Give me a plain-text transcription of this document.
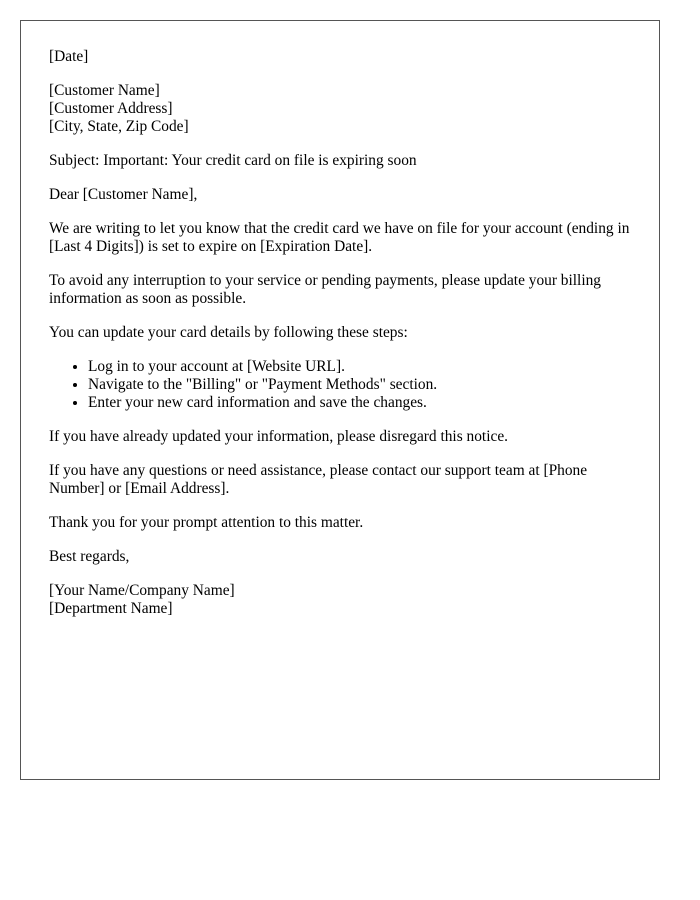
[Date]
[Customer Name]
[Customer Address]
[City, State, Zip Code]
Subject: Important: Your credit card on file is expiring soon
Dear [Customer Name],
We are writing to let you know that the credit card we have on file for your account (ending in [Last 4 Digits]) is set to expire on [Expiration Date].
To avoid any interruption to your service or pending payments, please update your billing information as soon as possible.
You can update your card details by following these steps:
• Log in to your account at [Website URL].
• Navigate to the "Billing" or "Payment Methods" section.
• Enter your new card information and save the changes.
If you have already updated your information, please disregard this notice.
If you have any questions or need assistance, please contact our support team at [Phone Number] or [Email Address].
Thank you for your prompt attention to this matter.
Best regards,
[Your Name/Company Name]
[Department Name]
